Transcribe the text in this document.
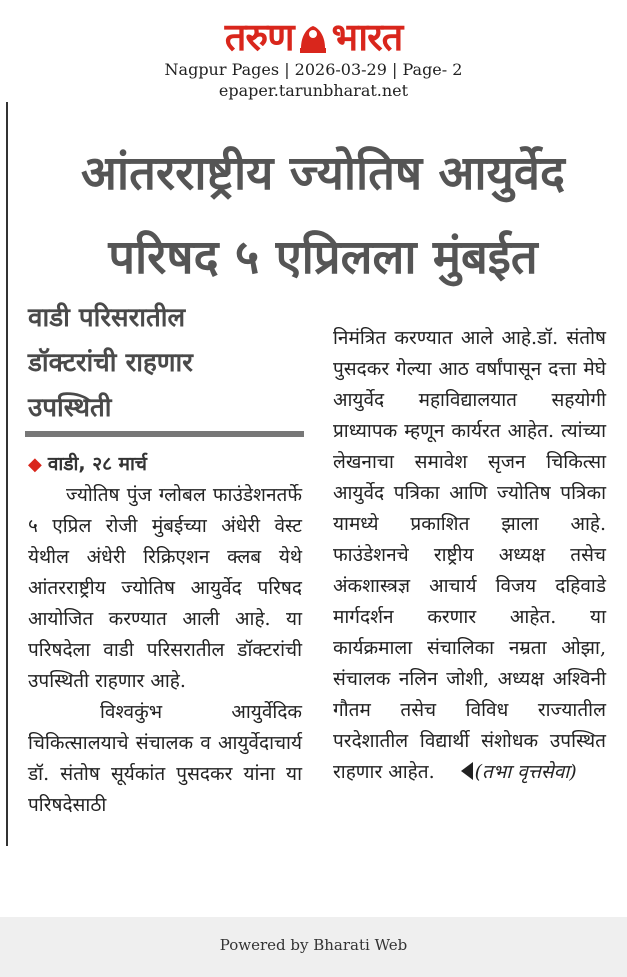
तरुण भारत
Nagpur Pages | 2026-03-29 | Page- 2
epaper.tarunbharat.net
आंतरराष्ट्रीय ज्योतिष आयुर्वेद
परिषद ५ एप्रिलला मुंबईत
वाडी परिसरातील
डॉक्टरांची राहणार
उपस्थिती

◆ वाडी, २८ मार्च

ज्योतिष पुंज ग्लोबल फाउंडेशनतर्फे ५ एप्रिल रोजी मुंबईच्या अंधेरी वेस्ट येथील अंधेरी रिक्रिएशन क्लब येथे आंतरराष्ट्रीय ज्योतिष आयुर्वेद परिषद आयोजित करण्यात आली आहे. या परिषदेला वाडी परिसरातील डॉक्टरांची उपस्थिती राहणार आहे.

विश्वकुंभ आयुर्वेदिक चिकित्सालयाचे संचालक व आयुर्वेदाचार्य डॉ. संतोष सूर्यकांत पुसदकर यांना या परिषदेसाठी

निमंत्रित करण्यात आले आहे.डॉ. संतोष पुसदकर गेल्या आठ वर्षांपासून दत्ता मेघे आयुर्वेद महाविद्यालयात सहयोगी प्राध्यापक म्हणून कार्यरत आहेत. त्यांच्या लेखनाचा समावेश सृजन चिकित्सा आयुर्वेद पत्रिका आणि ज्योतिष पत्रिका यामध्ये प्रकाशित झाला आहे. फाउंडेशनचे राष्ट्रीय अध्यक्ष तसेच अंकशास्त्रज्ञ आचार्य विजय दहिवाडे मार्गदर्शन करणार आहेत. या कार्यक्रमाला संचालिका नम्रता ओझा, संचालक नलिन जोशी, अध्यक्ष अश्विनी गौतम तसेच विविध राज्यातील परदेशातील विद्यार्थी संशोधक उपस्थित राहणार आहेत. (तभा वृत्तसेवा)

Powered by Bharati Web
